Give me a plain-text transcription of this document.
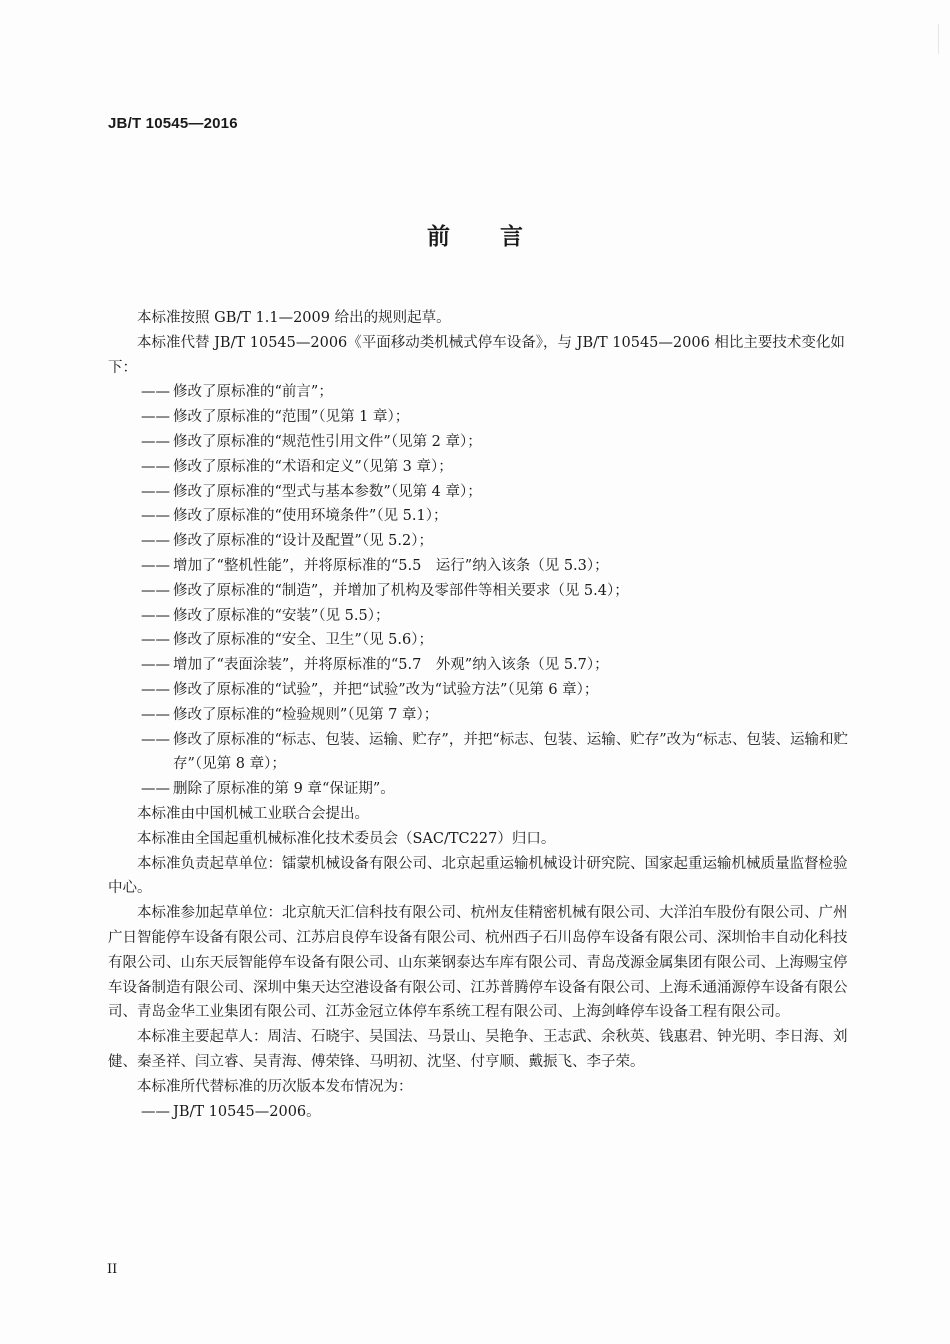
JB/T 10545—2016
前言

本标准按照 GB/T 1.1—2009 给出的规则起草。

本标准代替 JB/T 10545—2006《平面移动类机械式停车设备》，与 JB/T 10545—2006 相比主要技术变化如下：

—— 修改了原标准的“前言”；

—— 修改了原标准的“范围”（见第 1 章）；

—— 修改了原标准的“规范性引用文件”（见第 2 章）；

—— 修改了原标准的“术语和定义”（见第 3 章）；

—— 修改了原标准的“型式与基本参数”（见第 4 章）；

—— 修改了原标准的“使用环境条件”（见 5.1）；

—— 修改了原标准的“设计及配置”（见 5.2）；

—— 增加了“整机性能”，并将原标准的“5.5　运行”纳入该条（见 5.3）；

—— 修改了原标准的“制造”，并增加了机构及零部件等相关要求（见 5.4）；

—— 修改了原标准的“安装”（见 5.5）；

—— 修改了原标准的“安全、卫生”（见 5.6）；

—— 增加了“表面涂装”，并将原标准的“5.7　外观”纳入该条（见 5.7）；

—— 修改了原标准的“试验”，并把“试验”改为“试验方法”（见第 6 章）；

—— 修改了原标准的“检验规则”（见第 7 章）；

—— 修改了原标准的“标志、包装、运输、贮存”，并把“标志、包装、运输、贮存”改为“标志、包装、运输和贮存”（见第 8 章）；

—— 删除了原标准的第 9 章“保证期”。

本标准由中国机械工业联合会提出。

本标准由全国起重机械标准化技术委员会（SAC/TC227）归口。

本标准负责起草单位：镭蒙机械设备有限公司、北京起重运输机械设计研究院、国家起重运输机械质量监督检验中心。

本标准参加起草单位：北京航天汇信科技有限公司、杭州友佳精密机械有限公司、大洋泊车股份有限公司、广州广日智能停车设备有限公司、江苏启良停车设备有限公司、杭州西子石川岛停车设备有限公司、深圳怡丰自动化科技有限公司、山东天辰智能停车设备有限公司、山东莱钢泰达车库有限公司、青岛茂源金属集团有限公司、上海赐宝停车设备制造有限公司、深圳中集天达空港设备有限公司、江苏普腾停车设备有限公司、上海禾通涌源停车设备有限公司、青岛金华工业集团有限公司、江苏金冠立体停车系统工程有限公司、上海剑峰停车设备工程有限公司。

本标准主要起草人：周洁、石晓宇、吴国法、马景山、吴艳争、王志武、余秋英、钱惠君、钟光明、李日海、刘健、秦圣祥、闫立睿、吴青海、傅荣锋、马明初、沈坚、付亨顺、戴振飞、李子荣。

本标准所代替标准的历次版本发布情况为：

—— JB/T 10545—2006。

II
